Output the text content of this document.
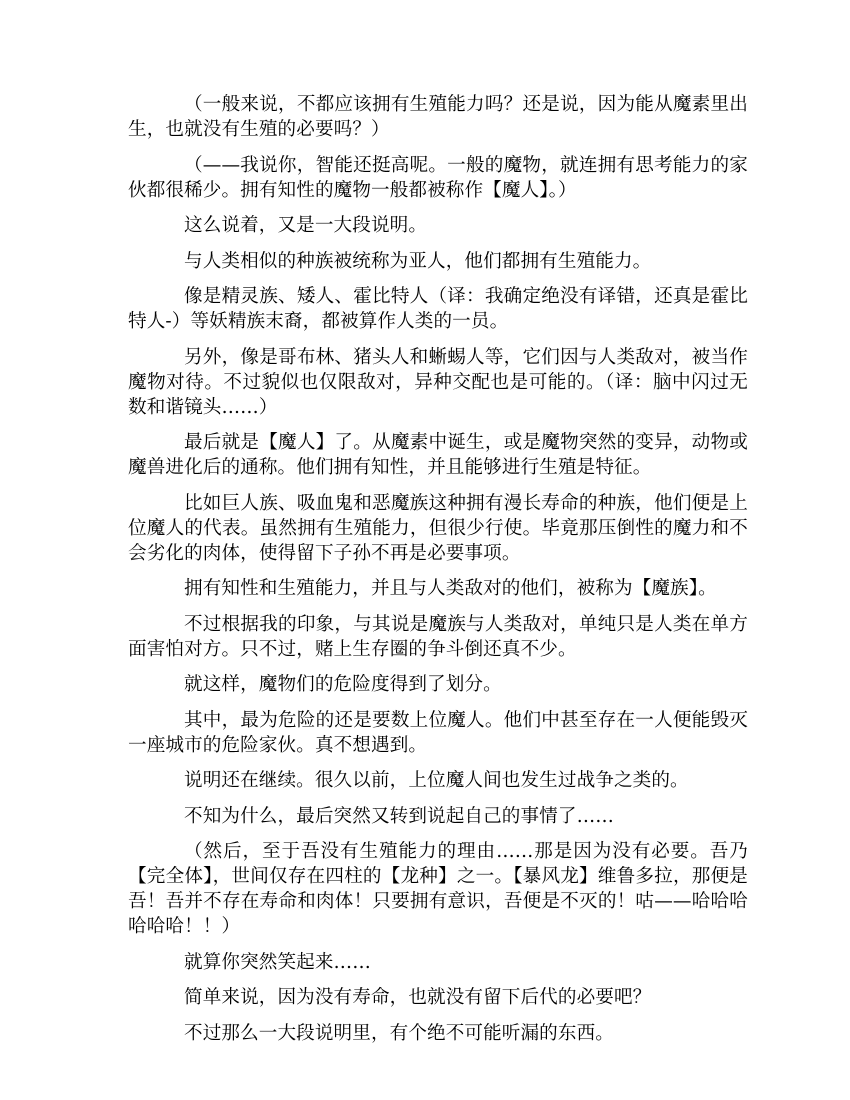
（一般来说，不都应该拥有生殖能力吗？还是说，因为能从魔素里出生，也就没有生殖的必要吗？）

（——我说你，智能还挺高呢。一般的魔物，就连拥有思考能力的家伙都很稀少。拥有知性的魔物一般都被称作【魔人】。）

这么说着，又是一大段说明。

与人类相似的种族被统称为亚人，他们都拥有生殖能力。

像是精灵族、矮人、霍比特人（译：我确定绝没有译错，还真是霍比特人-）等妖精族末裔，都被算作人类的一员。

另外，像是哥布林、猪头人和蜥蜴人等，它们因与人类敌对，被当作魔物对待。不过貌似也仅限敌对，异种交配也是可能的。（译：脑中闪过无数和谐镜头……）

最后就是【魔人】了。从魔素中诞生，或是魔物突然的变异，动物或魔兽进化后的通称。他们拥有知性，并且能够进行生殖是特征。

比如巨人族、吸血鬼和恶魔族这种拥有漫长寿命的种族，他们便是上位魔人的代表。虽然拥有生殖能力，但很少行使。毕竟那压倒性的魔力和不会劣化的肉体，使得留下子孙不再是必要事项。

拥有知性和生殖能力，并且与人类敌对的他们，被称为【魔族】。

不过根据我的印象，与其说是魔族与人类敌对，单纯只是人类在单方面害怕对方。只不过，赌上生存圈的争斗倒还真不少。

就这样，魔物们的危险度得到了划分。

其中，最为危险的还是要数上位魔人。他们中甚至存在一人便能毁灭一座城市的危险家伙。真不想遇到。

说明还在继续。很久以前，上位魔人间也发生过战争之类的。

不知为什么，最后突然又转到说起自己的事情了……

（然后，至于吾没有生殖能力的理由……那是因为没有必要。吾乃【完全体】，世间仅存在四柱的【龙种】之一。【暴风龙】维鲁多拉，那便是吾！吾并不存在寿命和肉体！只要拥有意识，吾便是不灭的！咕——哈哈哈哈哈哈！！）

就算你突然笑起来……

简单来说，因为没有寿命，也就没有留下后代的必要吧？

不过那么一大段说明里，有个绝不可能听漏的东西。
